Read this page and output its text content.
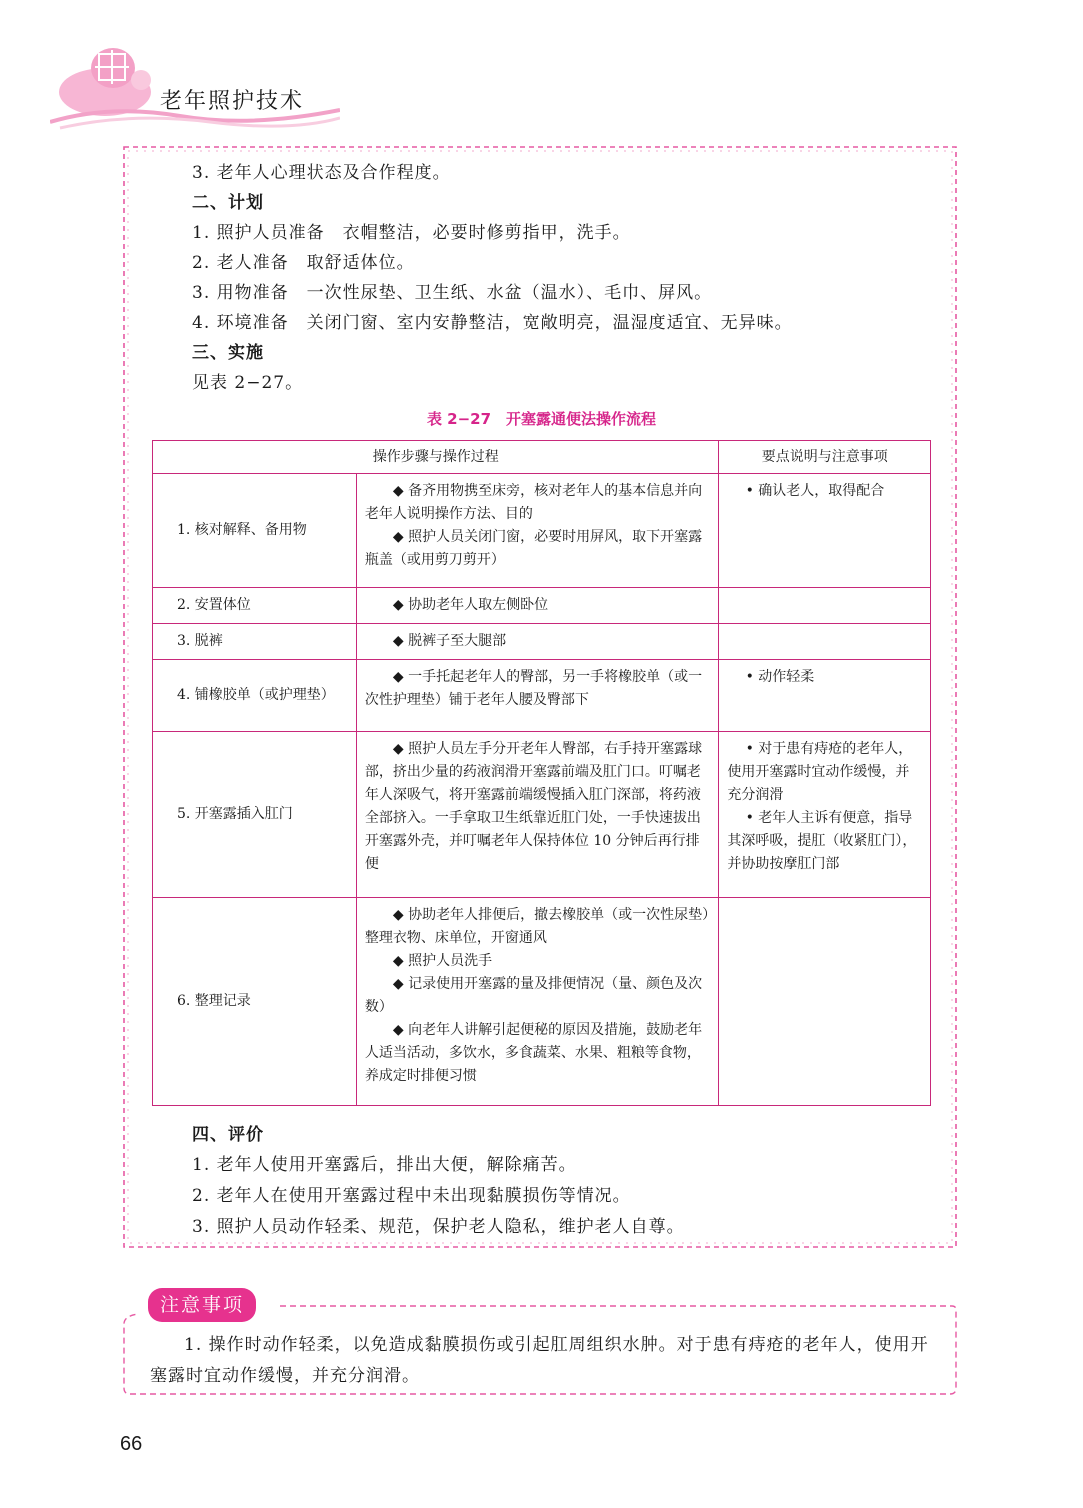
老年照护技术
3. 老年人心理状态及合作程度。
二、计划
1. 照护人员准备　衣帽整洁，必要时修剪指甲，洗手。
2. 老人准备　取舒适体位。
3. 用物准备　一次性尿垫、卫生纸、水盆（温水）、毛巾、屏风。
4. 环境准备　关闭门窗、室内安静整洁，宽敞明亮，温湿度适宜、无异味。
三、实施
见表 2−27。
表 2−27　开塞露通便法操作流程
操作步骤与操作过程		要点说明与注意事项
1. 核对解释、备用物	◆ 备齐用物携至床旁，核对老年人的基本信息并向老年人说明操作方法、目的
◆ 照护人员关闭门窗，必要时用屏风，取下开塞露瓶盖（或用剪刀剪开）	• 确认老人，取得配合

2. 安置体位	◆ 协助老年人取左侧卧位	

3. 脱裤	◆ 脱裤子至大腿部	

4. 铺橡胶单（或护理垫）	◆ 一手托起老年人的臀部，另一手将橡胶单（或一次性护理垫）铺于老年人腰及臀部下	• 动作轻柔

5. 开塞露插入肛门	◆ 照护人员左手分开老年人臀部，右手持开塞露球部，挤出少量的药液润滑开塞露前端及肛门口。叮嘱老年人深吸气，将开塞露前端缓慢插入肛门深部，将药液全部挤入。一手拿取卫生纸靠近肛门处，一手快速拔出开塞露外壳，并叮嘱老年人保持体位 10 分钟后再行排便	• 对于患有痔疮的老年人，使用开塞露时宜动作缓慢，并充分润滑
• 老年人主诉有便意，指导其深呼吸，提肛（收紧肛门），并协助按摩肛门部

6. 整理记录	◆ 协助老年人排便后，撤去橡胶单（或一次性尿垫）整理衣物、床单位，开窗通风
◆ 照护人员洗手
◆ 记录使用开塞露的量及排便情况（量、颜色及次数）
◆ 向老年人讲解引起便秘的原因及措施，鼓励老年人适当活动，多饮水，多食蔬菜、水果、粗粮等食物，养成定时排便习惯	

四、评价
1. 老年人使用开塞露后，排出大便，解除痛苦。
2. 老年人在使用开塞露过程中未出现黏膜损伤等情况。
3. 照护人员动作轻柔、规范，保护老人隐私，维护老人自尊。
注意事项
1. 操作时动作轻柔，以免造成黏膜损伤或引起肛周组织水肿。对于患有痔疮的老年人，使用开塞露时宜动作缓慢，并充分润滑。
66
